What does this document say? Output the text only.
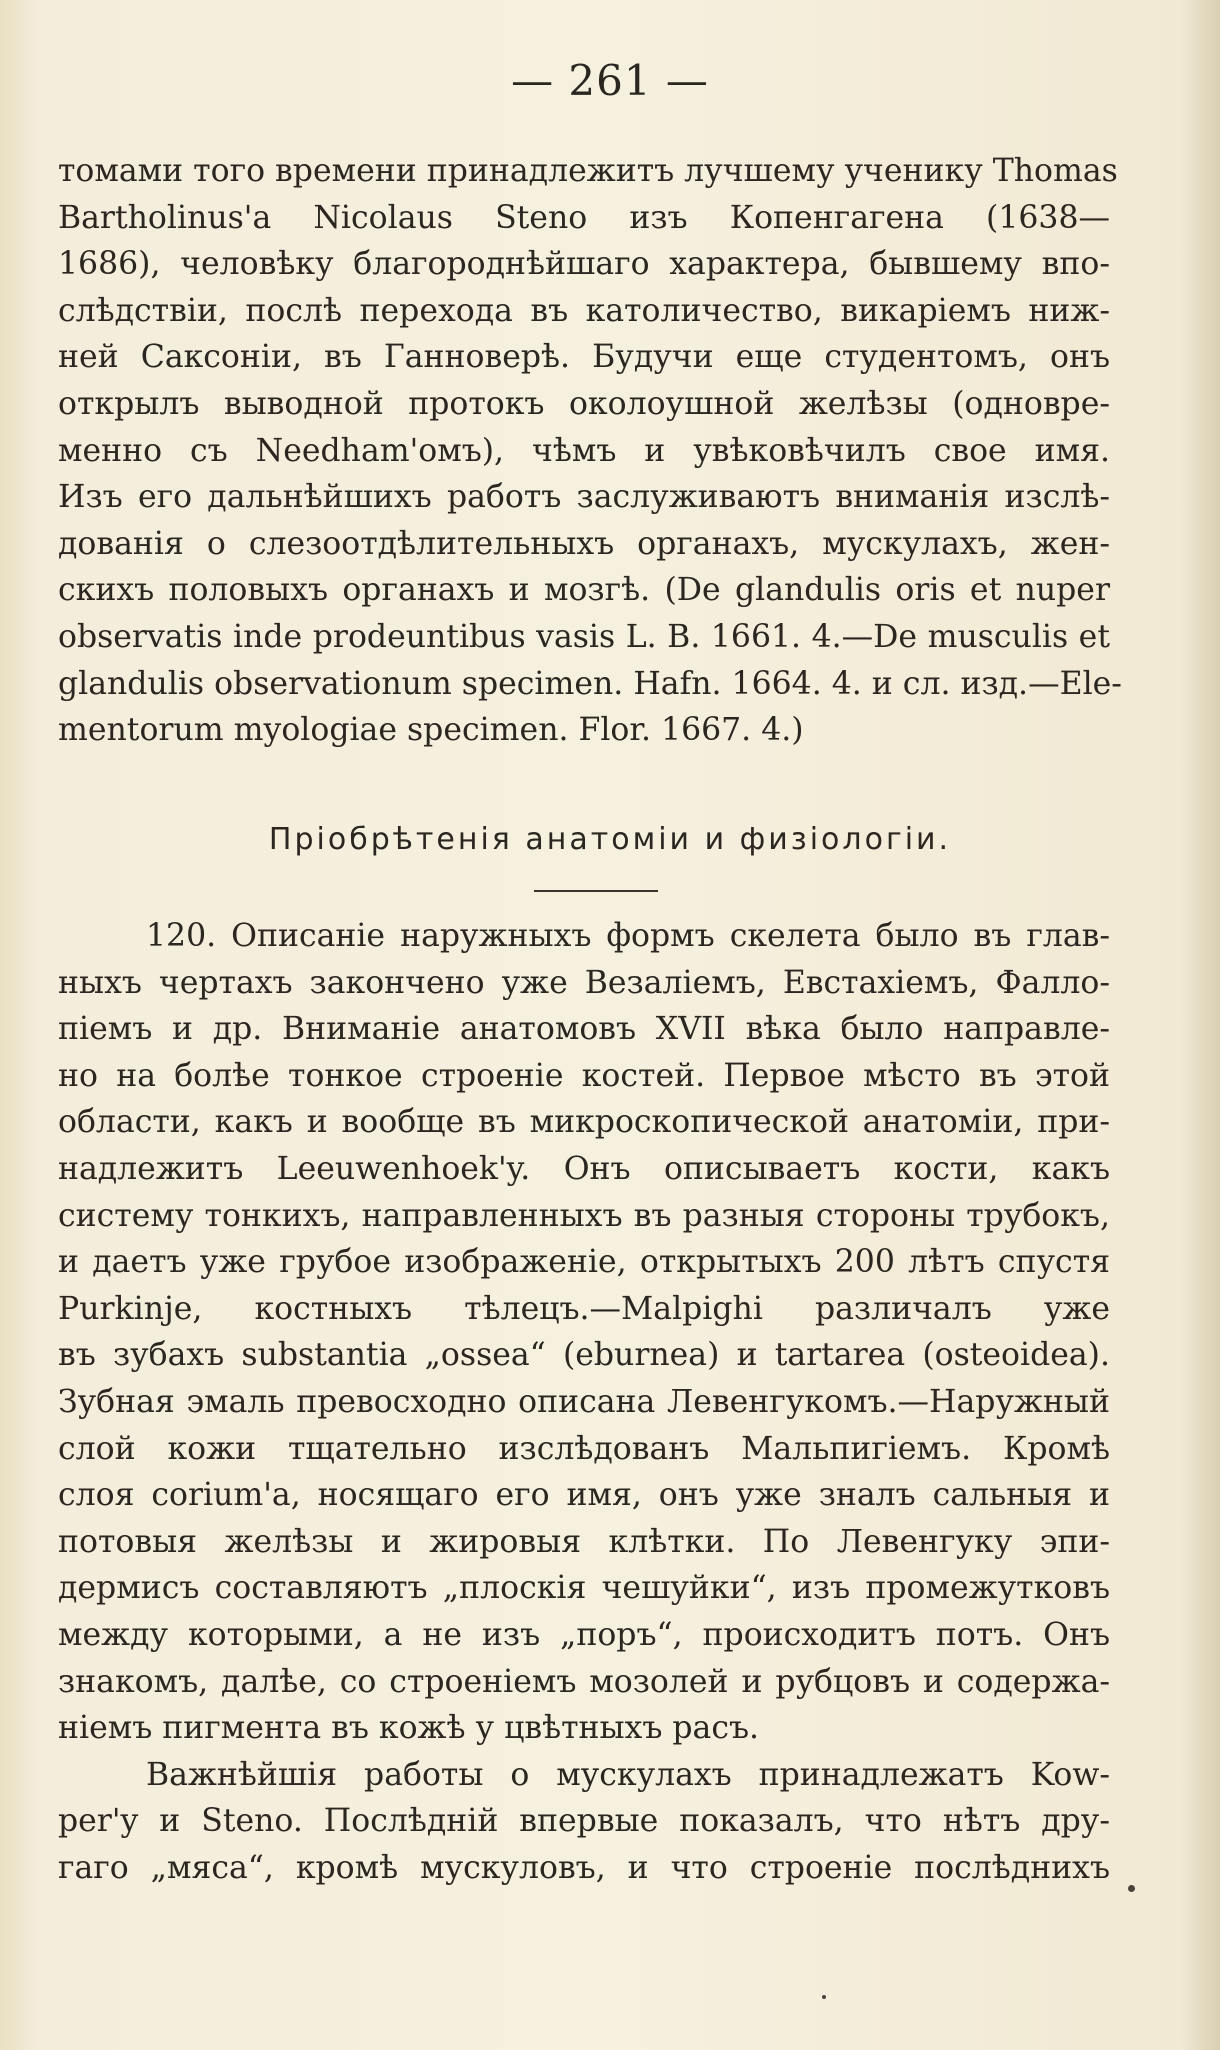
— 261 —
томами того времени принадлежитъ лучшему ученику Thomas
Bartholinus'a Nicolaus Steno изъ Копенгагена (1638—
1686), человѣку благороднѣйшаго характера, бывшему впо-
слѣдствіи, послѣ перехода въ католичество, викаріемъ ниж-
ней Саксоніи, въ Ганноверѣ. Будучи еще студентомъ, онъ
открылъ выводной протокъ околоушной желѣзы (одновре-
менно съ Needham'омъ), чѣмъ и увѣковѣчилъ свое имя.
Изъ его дальнѣйшихъ работъ заслуживаютъ вниманія изслѣ-
дованія о слезоотдѣлительныхъ органахъ, мускулахъ, жен-
скихъ половыхъ органахъ и мозгѣ. (De glandulis oris et nuper
observatis inde prodeuntibus vasis L. B. 1661. 4.—De musculis et
glandulis observationum specimen. Hafn. 1664. 4. и сл. изд.—Ele-
mentorum myologiae specimen. Flor. 1667. 4.)
Пріобрѣтенія анатоміи и физіологіи.
120. Описаніе наружныхъ формъ скелета было въ глав-
ныхъ чертахъ закончено уже Везаліемъ, Евстахіемъ, Фалло-
піемъ и др. Вниманіе анатомовъ XVII вѣка было направле-
но на болѣе тонкое строеніе костей. Первое мѣсто въ этой
области, какъ и вообще въ микроскопической анатоміи, при-
надлежитъ Leeuwenhoek'y. Онъ описываетъ кости, какъ
систему тонкихъ, направленныхъ въ разныя стороны трубокъ,
и даетъ уже грубое изображеніе, открытыхъ 200 лѣтъ спустя
Purkinje, костныхъ тѣлецъ.—Malpighi различалъ уже
въ зубахъ substantia „ossea“ (eburnea) и tartarea (osteoidea).
Зубная эмаль превосходно описана Левенгукомъ.—Наружный
слой кожи тщательно изслѣдованъ Мальпигіемъ. Кромѣ
слоя corium'a, носящаго его имя, онъ уже зналъ сальныя и
потовыя желѣзы и жировыя клѣтки. По Левенгуку эпи-
дермисъ составляютъ „плоскія чешуйки“, изъ промежутковъ
между которыми, а не изъ „поръ“, происходитъ потъ. Онъ
знакомъ, далѣе, со строеніемъ мозолей и рубцовъ и содержа-
ніемъ пигмента въ кожѣ у цвѣтныхъ расъ.
Важнѣйшія работы о мускулахъ принадлежатъ Kow-
per'y и Steno. Послѣдній впервые показалъ, что нѣтъ дру-
гаго „мяса“, кромѣ мускуловъ, и что строеніе послѣднихъ
